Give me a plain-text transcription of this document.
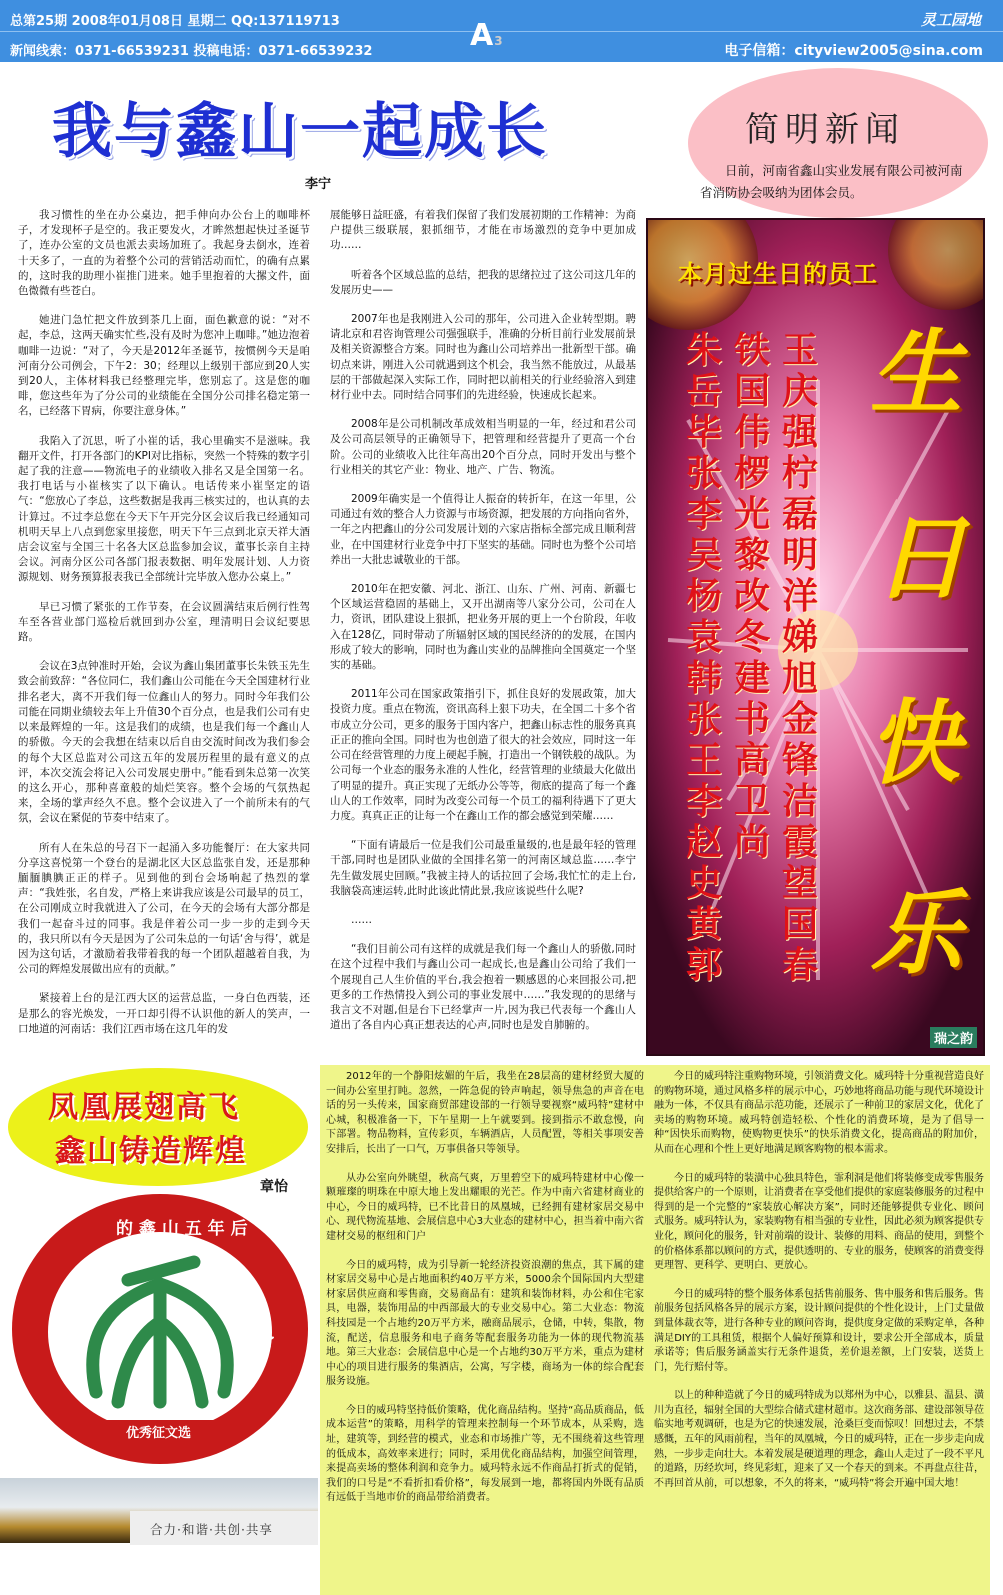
总第25期 2008年01月08日 星期二 QQ:137119713
新闻线索：0371-66539231 投稿电话：0371-66539232	A3
灵工园地
电子信箱：cityview2005@sina.com
我与鑫山一起成长
李宁

我习惯性的坐在办公桌边，把手伸向办公台上的咖啡杯子，才发现杯子是空的。我正要发火，才眸然想起快过圣诞节了，连办公室的文员也派去卖场加班了。我起身去倒水，连着十天多了，一直的为着整个公司的营销活动而忙，的确有点累的，这时我的助理小崔推门进来。她手里抱着的大摞文件，面色微微有些苍白。

她进门急忙把文件放到茶几上面，面色歉意的说：“对不起，李总，这两天确实忙些,没有及时为您冲上咖啡。”她边泡着咖啡一边说：“对了，今天是2012年圣诞节，按惯例今天是咱河南分公司例会，下午2：30；经理以上级别干部应到20人实到20人，主体材料我已经整理完毕，您别忘了。这是您的咖啡，您这些年为了分公司的业绩能在全国分公司排名稳定第一名，已经落下胃病，你要注意身体。”

我陷入了沉思，听了小崔的话，我心里确实不是滋味。我翻开文件，打开各部门的KPI对比指标，突然一个特殊的数字引起了我的注意——物流电子的业绩收入排名又是全国第一名。我打电话与小崔核实了以下确认。电话传来小崔坚定的语气：“您放心了李总，这些数据是我再三核实过的，也认真的去计算过。不过李总您在今天下午开完分区会议后我已经通知司机明天早上八点到您家里接您，明天下午三点到北京天祥大酒店会议室与全国三十名各大区总监参加会议，董事长亲自主持会议。河南分区公司各部门报表数据、明年发展计划、人力资源规划、财务预算报表我已全部统计完毕放入您办公桌上。”

早已习惯了紧张的工作节奏，在会议圆满结束后例行性驾车至各营业部门巡检后就回到办公室，理清明日会议纪要思路。

会议在3点钟准时开始，会议为鑫山集团董事长朱铁玉先生致会前致辞：“各位同仁，我们鑫山公司能在今天全国建材行业排名老大，离不开我们每一位鑫山人的努力。同时今年我们公司能在同期业绩较去年上升值30个百分点，也是我们公司有史以来最辉煌的一年。这是我们的成绩，也是我们每一个鑫山人的骄傲。今天的会我想在结束以后自由交流时间改为我们参会的每个大区总监对公司这五年的发展历程里的最有意义的点评，本次交流会将记入公司发展史册中。”能看到朱总第一次笑的这么开心，那种喜童般的灿烂笑容。整个会场的气氛热起来，全场的掌声经久不息。整个会议进入了一个前所未有的气氛，会议在紧促的节奏中结束了。

所有人在朱总的号召下一起涌入多功能餐厅：在大家共同分享这喜悦第一个登台的是湖北区大区总监张自发，还是那种腼腼腆腆正正的样子。见到他的到台会场响起了热烈的掌声：“我姓张，名自发，严格上来讲我应该是公司最早的员工，在公司刚成立时我就进入了公司，在今天的会场有大部分都是我们一起奋斗过的同事。我是伴着公司一步一步的走到今天的，我只所以有今天是因为了公司朱总的一句话‘舍与得’，就是因为这句话，才激励着我带着我的每一个团队超越着自我，为公司的辉煌发展做出应有的贡献。”

紧接着上台的是江西大区的运营总监，一身白色西装，还是那么的容光焕发，一开口却引得不认识他的新人的笑声，一口地道的河南话：我们江西市场在这几年的发

展能够日益旺盛，有着我们保留了我们发展初期的工作精神：为商户提供三级联展，狠抓细节，才能在市场激烈的竞争中更加成功……

听着各个区域总监的总结，把我的思绪拉过了这公司这几年的发展历史——

2007年也是我刚进入公司的那年，公司进入企业转型期。聘请北京和君咨询管理公司强强联手，准确的分析目前行业发展前景及相关资源整合方案。同时也为鑫山公司培养出一批新型干部。确切点来讲，刚进入公司就遇到这个机会，我当然不能放过，从最基层的干部做起深入实际工作，同时把以前相关的行业经验溶入到建材行业中去。同时结合同事们的先进经验，快速成长起来。

2008年是公司机制改革成效相当明显的一年，经过和君公司及公司高层领导的正确领导下，把管理和经营提升了更高一个台阶。公司的业绩收入比往年高出20个百分点，同时开发出与整个行业相关的其它产业：物业、地产、广告、物流。

2009年确实是一个值得让人振奋的转折年，在这一年里，公司通过有效的整合人力资源与市场资源，把发展的方向指向省外，一年之内把鑫山的分公司发展计划的六家店指标全部完成且顺利营业，在中国建材行业竞争中打下坚实的基础。同时也为整个公司培养出一大批忠诚敬业的干部。

2010年在把安徽、河北、浙江、山东、广州、河南、新疆七个区域运营稳固的基础上，又开出湖南等八家分公司，公司在人力，资讯，团队建设上狠抓，把业务开展的更上一个台阶段，年收入在128亿，同时带动了所辐射区域的国民经济的的发展，在国内形成了较大的影响，同时也为鑫山实业的品牌推向全国奠定一个坚实的基础。

2011年公司在国家政策指引下，抓住良好的发展政策，加大投资力度。重点在物流，资讯高科上狠下功夫，在全国二十多个省市成立分公司，更多的服务于国内客户，把鑫山标志性的服务真真正正的推向全国。同时也为也创造了很大的社会效应，同时这一年公司在经营管理的力度上硬起手腕，打造出一个钢铁般的战队。为公司每一个业态的服务永准的人性化，经营管理的业绩最大化做出了明显的提升。真正实现了无纸办公等等，彻底的提高了每一个鑫山人的工作效率，同时为改变公司每一个员工的福利待遇下了更大力度。真真正正的让每一个在鑫山工作的都会感觉到荣耀……

“下面有请最后一位是我们公司最重量级的,也是最年轻的管理干部,同时也是团队业做的全国排名第一的河南区域总监……李宁先生做发展史回顾。”我被主持人的话拉回了会场,我忙忙的走上台,我脑袋高速运转,此时此该此情此景,我应该说些什么呢?

……

“我们目前公司有这样的成就是我们每一个鑫山人的骄傲,同时在这个过程中我们与鑫山公司一起成长,也是鑫山公司给了我们一个展现自己人生价值的平台,我会抱着一颗感恩的心来回报公司,把更多的工作热情投入到公司的事业发展中……”我发现的的思绪与我言文不对题,但是台下已经掌声一片,因为我已代表每一个鑫山人道出了各自内心真正想表达的心声,同时也是发自肺腑的。

简明新闻
日前，河南省鑫山实业发展有限公司被河南省消防协会吸纳为团体会员。
本月过生日的员工
玉庆强柠磊明洋娣旭金锋洁霞望国春
铁国伟椤光黎 改冬 建 书高卫尚
朱岳毕张李吴杨袁韩张王李赵史黄郭
生
日
快
乐
瑞之韵
凤凰展翅高飞
鑫山铸造辉煌
章怡
的 鑫 山 五 年 后
五 年 后	的 我
优秀征文选
合力·和谐·共创·共享

2012年的一个静阳炫媚的午后，我坐在28层高的建材经贸大厦的一间办公室里打盹。忽然，一阵急促的铃声响起，领导焦急的声音在电话的另一头传来，国家商贸部建设部的一行领导要视察“威玛特”建材中心城，积极准备一下，下午星期一上午就要到。接到指示不敢怠慢，向下部署。物品物料，宣传彩页，车辆酒店，人员配置，等相关事项安善安排后，长出了一口气，万事俱备只等领导。

从办公室向外眺望，秋高气爽，万里碧空下的威玛特建材中心像一颗璀璨的明珠在中原大地上发出耀眼的光芒。作为中南六省建材商业的中心，今日的威玛特，已不比昔日的凤凰城，已经拥有建材家居交易中心、现代物流基地、会展信息中心3大业态的建材中心，担当着中南六省建材交易的枢纽和门户

今日的威玛特，成为引导新一轮经济投资浪潮的焦点，其下属的建材家居交易中心是占地面积约40万平方米，5000余个国际国内大型建材家居供应商和零售商，交易商品有：建筑和装饰材料，办公和住宅家具，电器，装饰用品的中西部最大的专业交易中心。第二大业态：物流科技园是一个占地约20万平方米，融商品展示，仓储，中转，集散，物流，配送，信息服务和电子商务等配套服务功能为一体的现代物流基地。第三大业态：会展信息中心是一个占地约30万平方米，重点为建材中心的项目进行服务的集酒店，公寓，写字楼，商场为一体的综合配套服务设施。

今日的威玛特坚持低价策略，优化商品结构。坚持“高品质商品，低成本运营”的策略，用科学的管理来控制每一个环节成本，从采购，选址，建筑等，到经营的模式，业态和市场推广等，无不围绕着这些管理的低成本，高效率来进行；同时，采用优化商品结构，加强空间管理，来提高卖场的整体利润和竞争力。威玛特永远不作商品打折式的促销，我们的口号是“不看折扣看价格”，每发展到一地，都将国内外既有品质有远低于当地市价的商品带给消费者。

今日的威玛特注重购物环境，引领消费文化。威玛特十分重视营造良好的购物环境，通过风格多样的展示中心，巧妙地将商品功能与现代环境设计融为一体，不仅具有商品示范功能，还展示了一种前卫的家居文化，优化了卖场的购物环境。威玛特创造轻松、个性化的消费环境，是为了倡导一种“因快乐而购物，使购物更快乐”的快乐消费文化，提高商品的附加价，从而在心理和个性上更好地满足顾客购物的根本需求。

今日的威玛特的装潢中心独具特色，霏利洞是他们将装修变成零售服务提供给客户的一个原则，让消费者在享受他们提供的家庭装修服务的过程中得到的是一个完整的“家装放心解决方案”，同时还能够提供专业化、顾问式服务。威玛特认为，家装购物有相当强的专业性，因此必须为顾客提供专业化，顾问化的服务，针对前端的设计、装修的用料、商品的使用，到整个的价格体系都以顾问的方式，提供透明的、专业的服务，使顾客的消费变得更理智、更科学、更明白、更放心。

今日的威玛特的整个服务体系包括售前服务、售中服务和售后服务。售前服务包括风格各异的展示方案，设计顾问提供的个性化设计，上门丈量做到量体裁衣等，进行各种专业的顾问咨询，提供度身定做的采购定单，各种满足DIY的工具租赁，根据个人偏好预算和设计，要求公开全部成本，质量承诺等；售后服务涵盖实行无条件退货，差价退差额，上门安装，送货上门，先行赔付等。

以上的种种造就了今日的威玛特成为以郑州为中心，以雅县、温县、潢川为直径，辐射全国的大型综合储式建材超市。这次商务部、建设部领导莅临实地考观调研，也是为它的快速发展，沧桑巨变而惊叹！回想过去，不禁感慨，五年的风雨前程，当年的凤凰城，今日的威玛特，正在一步步走向成熟，一步步走向壮大。本着发展是硬道理的理念，鑫山人走过了一段不平凡的道路，历经坎坷，终见彩虹，迎来了又一个春天的到来。不再盘点往昔，不再回首从前，可以想象，不久的将来，“威玛特”将会开遍中国大地！
